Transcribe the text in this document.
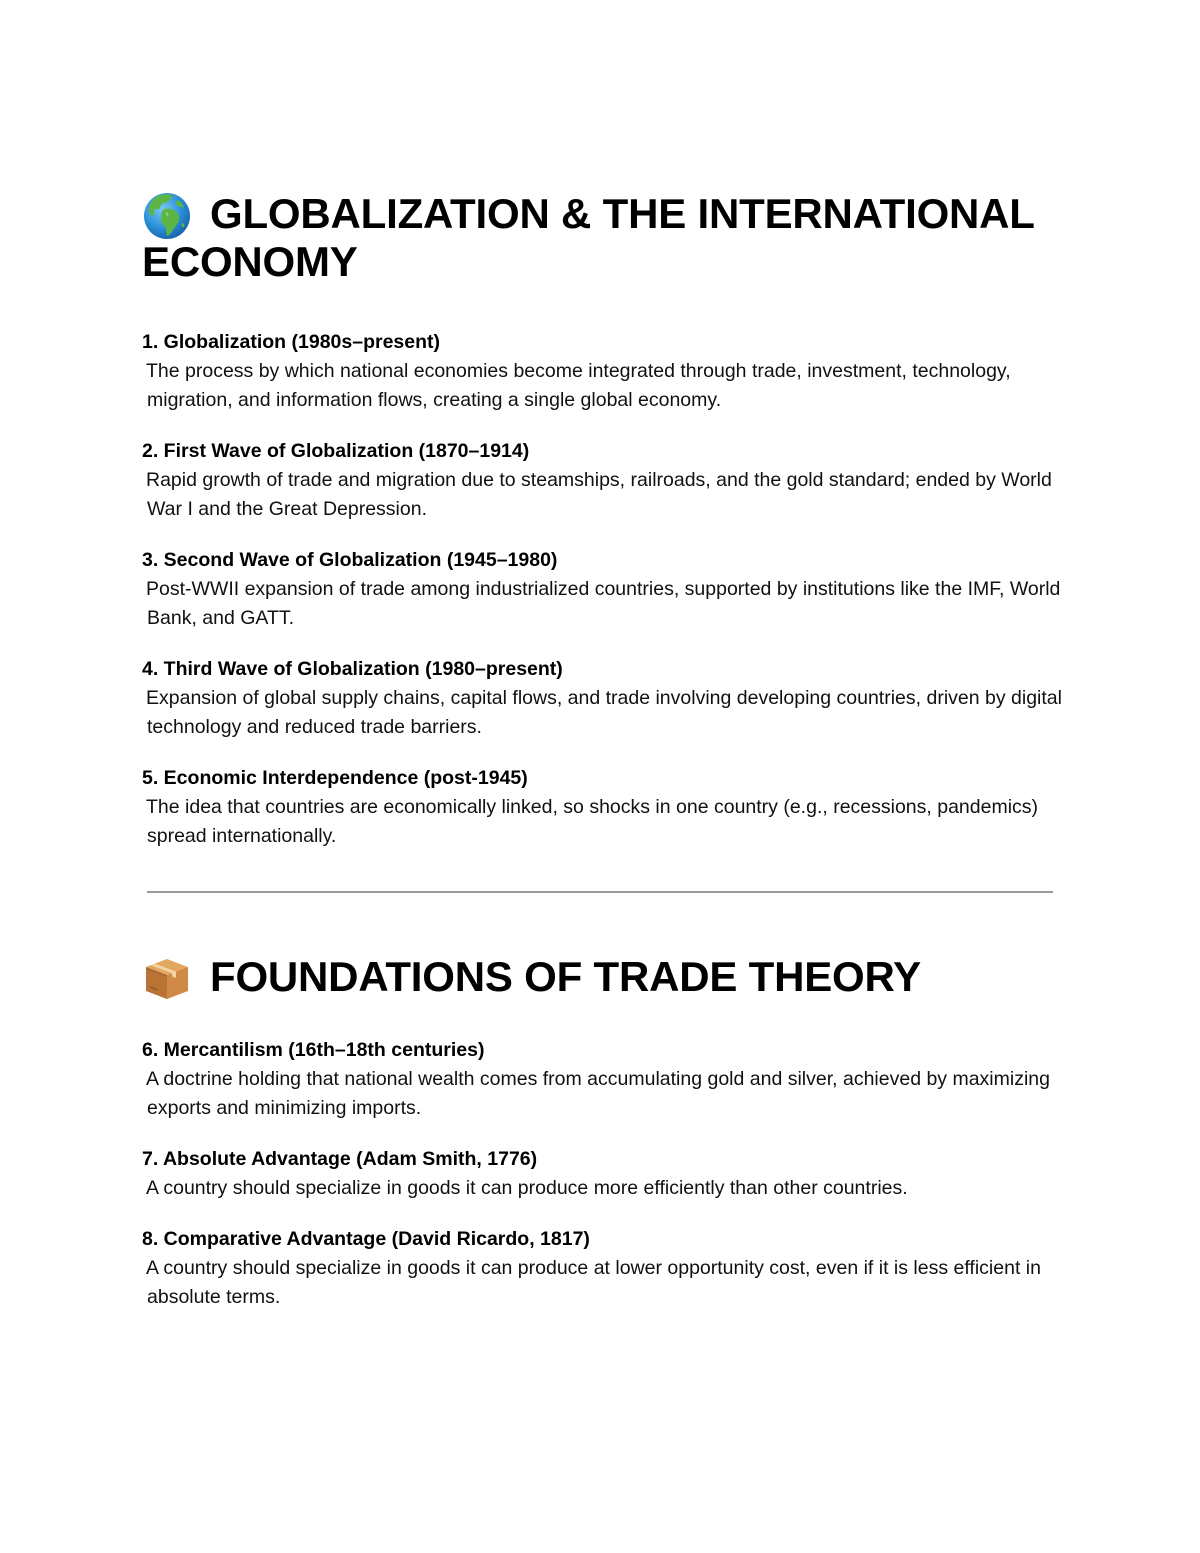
GLOBALIZATION & THE INTERNATIONAL ECONOMY

1. Globalization (1980s–present)

The process by which national economies become integrated through trade, investment, technology, migration, and information flows, creating a single global economy.

2. First Wave of Globalization (1870–1914)

Rapid growth of trade and migration due to steamships, railroads, and the gold standard; ended by World War I and the Great Depression.

3. Second Wave of Globalization (1945–1980)

Post-WWII expansion of trade among industrialized countries, supported by institutions like the IMF, World Bank, and GATT.

4. Third Wave of Globalization (1980–present)

Expansion of global supply chains, capital flows, and trade involving developing countries, driven by digital technology and reduced trade barriers.

5. Economic Interdependence (post-1945)

The idea that countries are economically linked, so shocks in one country (e.g., recessions, pandemics) spread internationally.

FOUNDATIONS OF TRADE THEORY

6. Mercantilism (16th–18th centuries)

A doctrine holding that national wealth comes from accumulating gold and silver, achieved by maximizing exports and minimizing imports.

7. Absolute Advantage (Adam Smith, 1776)

A country should specialize in goods it can produce more efficiently than other countries.

8. Comparative Advantage (David Ricardo, 1817)

A country should specialize in goods it can produce at lower opportunity cost, even if it is less efficient in absolute terms.
